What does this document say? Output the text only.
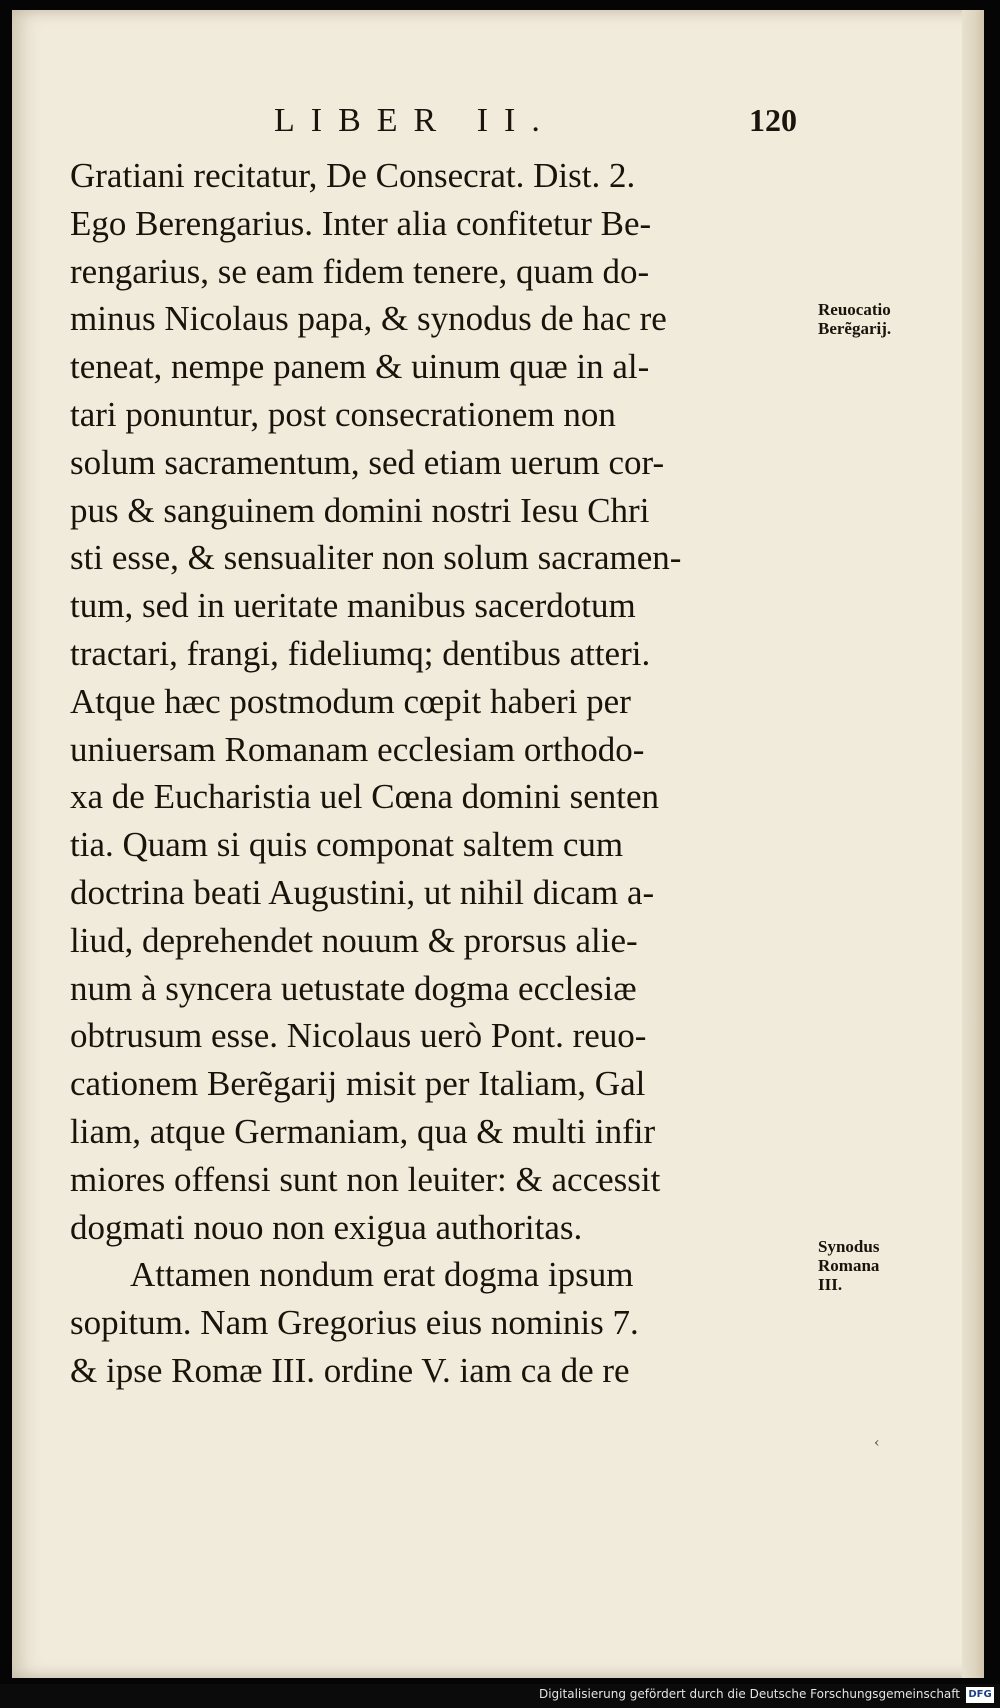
LIBER II.	120
Gratiani recitatur, De Consecrat. Dist. 2.
Ego Berengarius. Inter alia confitetur Be-
rengarius, se eam fidem tenere, quam do-
minus Nicolaus papa, & synodus de hac re
teneat, nempe panem & uinum quæ in al-
tari ponuntur, post consecrationem non
solum sacramentum, sed etiam uerum cor-
pus & sanguinem domini nostri Iesu Chri
sti esse, & sensualiter non solum sacramen-
tum, sed in ueritate manibus sacerdotum
tractari, frangi, fideliumq; dentibus atteri.
Atque hæc postmodum cœpit haberi per
uniuersam Romanam ecclesiam orthodo-
xa de Eucharistia uel Cœna domini senten
tia. Quam si quis componat saltem cum
doctrina beati Augustini, ut nihil dicam a-
liud, deprehendet nouum & prorsus alie-
num à syncera uetustate dogma ecclesiæ
obtrusum esse. Nicolaus uerò Pont. reuo-
cationem Berẽgarij misit per Italiam, Gal
liam, atque Germaniam, qua & multi infir
miores offensi sunt non leuiter: & accessit
dogmati nouo non exigua authoritas.
Attamen nondum erat dogma ipsum
sopitum. Nam Gregorius eius nominis 7.
& ipse Romæ III. ordine V. iam ca de re
Reuocatio
Berẽgarij.
Synodus
Romana
III.
‹
Digitalisierung gefördert durch die Deutsche Forschungsgemeinschaft DFG
